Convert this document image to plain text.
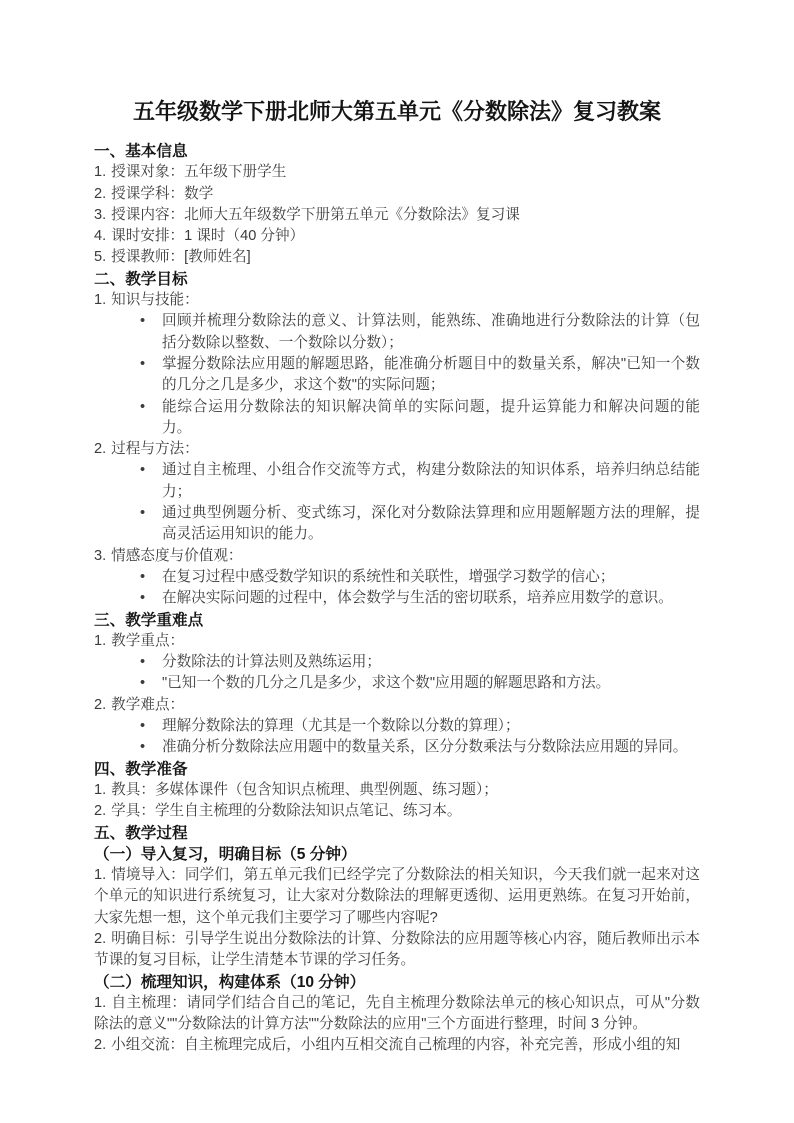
五年级数学下册北师大第五单元《分数除法》复习教案
一、基本信息

1. 授课对象：五年级下册学生

2. 授课学科：数学

3. 授课内容：北师大五年级数学下册第五单元《分数除法》复习课

4. 课时安排：1 课时（40 分钟）

5. 授课教师：[教师姓名]

二、教学目标

1. 知识与技能：

• 回顾并梳理分数除法的意义、计算法则，能熟练、准确地进行分数除法的计算（包括分数除以整数、一个数除以分数）；
• 掌握分数除法应用题的解题思路，能准确分析题目中的数量关系，解决"已知一个数的几分之几是多少，求这个数"的实际问题；
• 能综合运用分数除法的知识解决简单的实际问题，提升运算能力和解决问题的能力。

2. 过程与方法：

• 通过自主梳理、小组合作交流等方式，构建分数除法的知识体系，培养归纳总结能力；
• 通过典型例题分析、变式练习，深化对分数除法算理和应用题解题方法的理解，提高灵活运用知识的能力。

3. 情感态度与价值观：

• 在复习过程中感受数学知识的系统性和关联性，增强学习数学的信心；
• 在解决实际问题的过程中，体会数学与生活的密切联系，培养应用数学的意识。
三、教学重难点

1. 教学重点：

• 分数除法的计算法则及熟练运用；
• "已知一个数的几分之几是多少，求这个数"应用题的解题思路和方法。

2. 教学难点：

• 理解分数除法的算理（尤其是一个数除以分数的算理）；
• 准确分析分数除法应用题中的数量关系，区分分数乘法与分数除法应用题的异同。
四、教学准备

1. 教具：多媒体课件（包含知识点梳理、典型例题、练习题）；

2. 学具：学生自主梳理的分数除法知识点笔记、练习本。

五、教学过程
（一）导入复习，明确目标（5 分钟）

1. 情境导入：同学们，第五单元我们已经学完了分数除法的相关知识，今天我们就一起来对这个单元的知识进行系统复习，让大家对分数除法的理解更透彻、运用更熟练。在复习开始前，大家先想一想，这个单元我们主要学习了哪些内容呢?

2. 明确目标：引导学生说出分数除法的计算、分数除法的应用题等核心内容，随后教师出示本节课的复习目标，让学生清楚本节课的学习任务。

（二）梳理知识，构建体系（10 分钟）

1. 自主梳理：请同学们结合自己的笔记，先自主梳理分数除法单元的核心知识点，可从"分数除法的意义""分数除法的计算方法""分数除法的应用"三个方面进行整理，时间 3 分钟。

2. 小组交流：自主梳理完成后，小组内互相交流自己梳理的内容，补充完善，形成小组的知
